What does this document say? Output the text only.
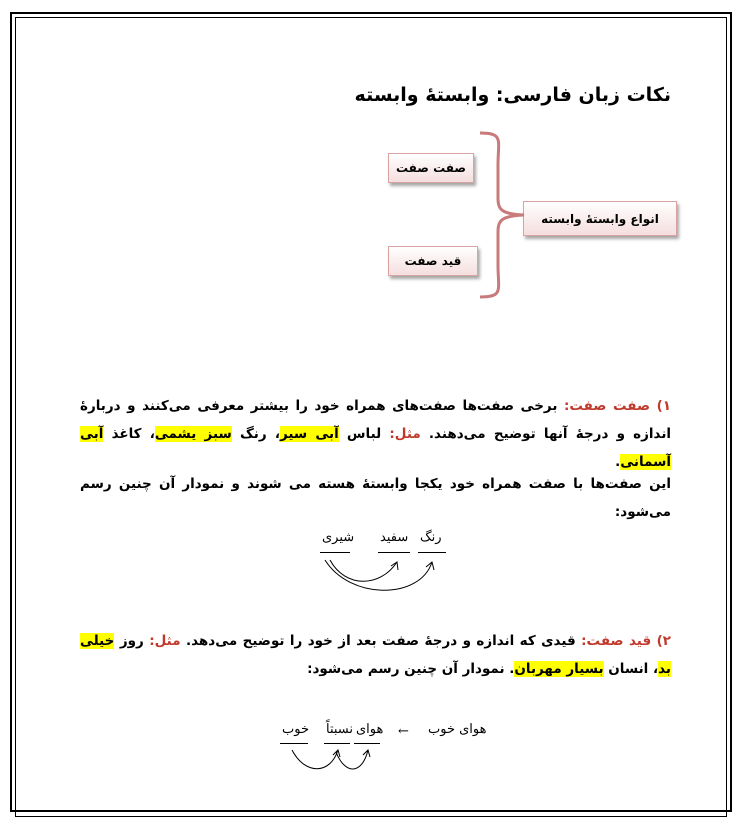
نکات زبان فارسی: وابستهٔ وابسته
انواع وابستهٔ وابسته
صفت صفت
قید صفت
۱) صفت صفت: برخی صفت‌ها صفت‌های همراه خود را بیشتر معرفی می‌کنند و دربارهٔ اندازه و درجهٔ آنها توضیح می‌دهند. مثل: لباس آبی سیر، رنگ سبز یشمی، کاغذ آبی آسمانی.
این صفت‌ها با صفت همراه خود یکجا وابستهٔ هسته می شوند و نمودار آن چنین رسم می‌شود:
رنگ
سفید
شیری
۲) قید صفت: قیدی که اندازه و درجهٔ صفت بعد از خود را توضیح می‌دهد. مثل: روز خیلی بد، انسان بسیار مهربان. نمودار آن چنین رسم می‌شود:
هوای خوب
←
هوای
نسبتاً
خوب
